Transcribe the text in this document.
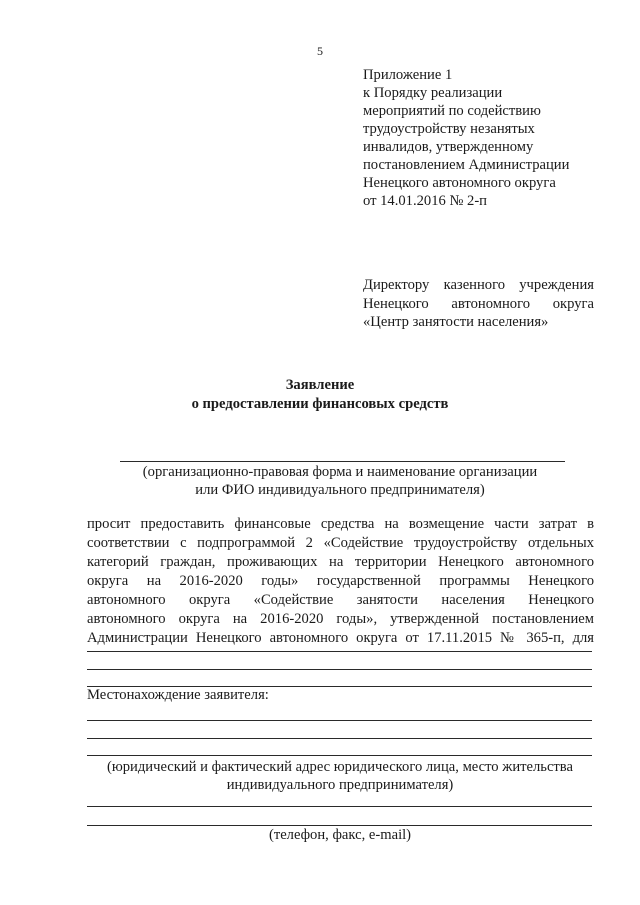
5
Приложение 1
к Порядку реализации
мероприятий по содействию
трудоустройству незанятых
инвалидов, утвержденному
постановлением Администрации
Ненецкого автономного округа
от 14.01.2016 № 2-п
Директору казенного учреждения
Ненецкого автономного округа
«Центр занятости населения»
Заявление
о предоставлении финансовых средств
(организационно-правовая форма и наименование организации
или ФИО индивидуального предпринимателя)
просит предоставить финансовые средства на возмещение части затрат в
соответствии с подпрограммой 2 «Содействие трудоустройству отдельных
категорий граждан, проживающих на территории Ненецкого автономного
округа на 2016-2020 годы» государственной программы Ненецкого
автономного округа «Содействие занятости населения Ненецкого
автономного округа на 2016-2020 годы», утвержденной постановлением
Администрации Ненецкого автономного округа от 17.11.2015 № 365-п, для
Местонахождение заявителя:
(юридический и фактический адрес юридического лица, место жительства
индивидуального предпринимателя)
(телефон, факс, e-mail)
